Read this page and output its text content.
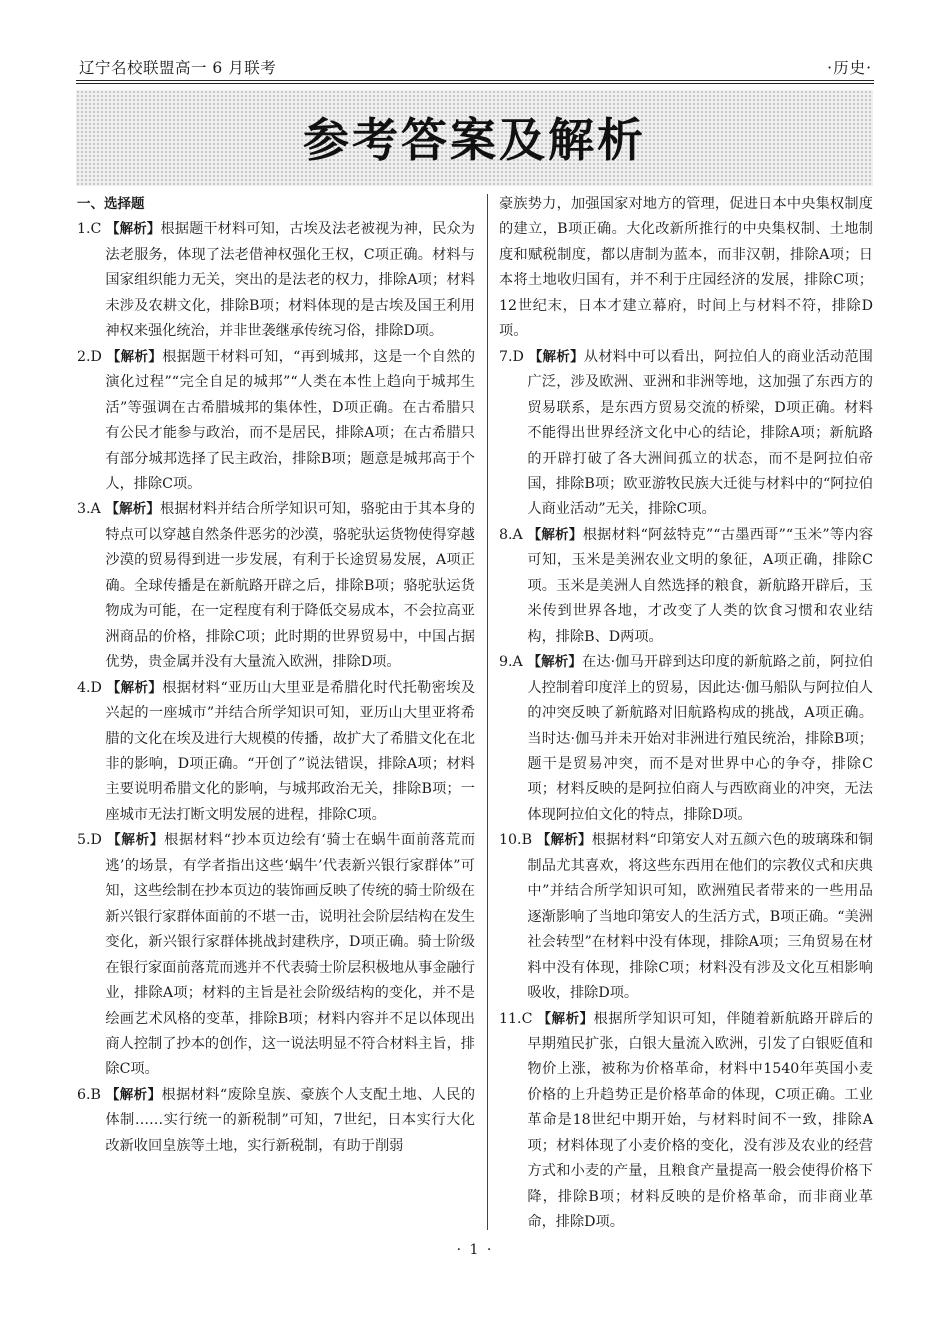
辽宁名校联盟高一 6 月联考	·历史·
参考答案及解析
一、选择题
1.C 【解析】根据题干材料可知，古埃及法老被视为神，民众为法老服务，体现了法老借神权强化王权，C项正确。材料与国家组织能力无关，突出的是法老的权力，排除A项；材料未涉及农耕文化，排除B项；材料体现的是古埃及国王利用神权来强化统治，并非世袭继承传统习俗，排除D项。
2.D 【解析】根据题干材料可知，“再到城邦，这是一个自然的演化过程”“完全自足的城邦”“人类在本性上趋向于城邦生活”等强调在古希腊城邦的集体性，D项正确。在古希腊只有公民才能参与政治，而不是居民，排除A项；在古希腊只有部分城邦选择了民主政治，排除B项；题意是城邦高于个人，排除C项。
3.A 【解析】根据材料并结合所学知识可知，骆驼由于其本身的特点可以穿越自然条件恶劣的沙漠，骆驼驮运货物使得穿越沙漠的贸易得到进一步发展，有利于长途贸易发展，A项正确。全球传播是在新航路开辟之后，排除B项；骆驼驮运货物成为可能，在一定程度有利于降低交易成本，不会拉高亚洲商品的价格，排除C项；此时期的世界贸易中，中国占据优势，贵金属并没有大量流入欧洲，排除D项。
4.D 【解析】根据材料“亚历山大里亚是希腊化时代托勒密埃及兴起的一座城市”并结合所学知识可知，亚历山大里亚将希腊的文化在埃及进行大规模的传播，故扩大了希腊文化在北非的影响，D项正确。“开创了”说法错误，排除A项；材料主要说明希腊文化的影响，与城邦政治无关，排除B项；一座城市无法打断文明发展的进程，排除C项。
5.D 【解析】根据材料“抄本页边绘有‘骑士在蜗牛面前落荒而逃’的场景，有学者指出这些‘蜗牛’代表新兴银行家群体”可知，这些绘制在抄本页边的装饰画反映了传统的骑士阶级在新兴银行家群体面前的不堪一击，说明社会阶层结构在发生变化，新兴银行家群体挑战封建秩序，D项正确。骑士阶级在银行家面前落荒而逃并不代表骑士阶层积极地从事金融行业，排除A项；材料的主旨是社会阶级结构的变化，并不是绘画艺术风格的变革，排除B项；材料内容并不足以体现出商人控制了抄本的创作，这一说法明显不符合材料主旨，排除C项。
6.B 【解析】根据材料“废除皇族、豪族个人支配土地、人民的体制……实行统一的新税制”可知，7世纪，日本实行大化改新收回皇族等土地，实行新税制，有助于削弱
豪族势力，加强国家对地方的管理，促进日本中央集权制度的建立，B项正确。大化改新所推行的中央集权制、土地制度和赋税制度，都以唐制为蓝本，而非汉朝，排除A项；日本将土地收归国有，并不利于庄园经济的发展，排除C项；12世纪末，日本才建立幕府，时间上与材料不符，排除D项。
7.D 【解析】从材料中可以看出，阿拉伯人的商业活动范围广泛，涉及欧洲、亚洲和非洲等地，这加强了东西方的贸易联系，是东西方贸易交流的桥梁，D项正确。材料不能得出世界经济文化中心的结论，排除A项；新航路的开辟打破了各大洲间孤立的状态，而不是阿拉伯帝国，排除B项；欧亚游牧民族大迁徙与材料中的“阿拉伯人商业活动”无关，排除C项。
8.A 【解析】根据材料“阿兹特克”“古墨西哥”“玉米”等内容可知，玉米是美洲农业文明的象征，A项正确，排除C项。玉米是美洲人自然选择的粮食，新航路开辟后，玉米传到世界各地，才改变了人类的饮食习惯和农业结构，排除B、D两项。
9.A 【解析】在达·伽马开辟到达印度的新航路之前，阿拉伯人控制着印度洋上的贸易，因此达·伽马船队与阿拉伯人的冲突反映了新航路对旧航路构成的挑战，A项正确。当时达·伽马并未开始对非洲进行殖民统治，排除B项；题干是贸易冲突，而不是对世界中心的争夺，排除C项；材料反映的是阿拉伯商人与西欧商业的冲突，无法体现阿拉伯文化的特点，排除D项。
10.B 【解析】根据材料“印第安人对五颜六色的玻璃珠和铜制品尤其喜欢，将这些东西用在他们的宗教仪式和庆典中”并结合所学知识可知，欧洲殖民者带来的一些用品逐渐影响了当地印第安人的生活方式，B项正确。“美洲社会转型”在材料中没有体现，排除A项；三角贸易在材料中没有体现，排除C项；材料没有涉及文化互相影响吸收，排除D项。
11.C 【解析】根据所学知识可知，伴随着新航路开辟后的早期殖民扩张，白银大量流入欧洲，引发了白银贬值和物价上涨，被称为价格革命，材料中1540年英国小麦价格的上升趋势正是价格革命的体现，C项正确。工业革命是18世纪中期开始，与材料时间不一致，排除A项；材料体现了小麦价格的变化，没有涉及农业的经营方式和小麦的产量，且粮食产量提高一般会使得价格下降，排除B项；材料反映的是价格革命，而非商业革命，排除D项。
· 1 ·
